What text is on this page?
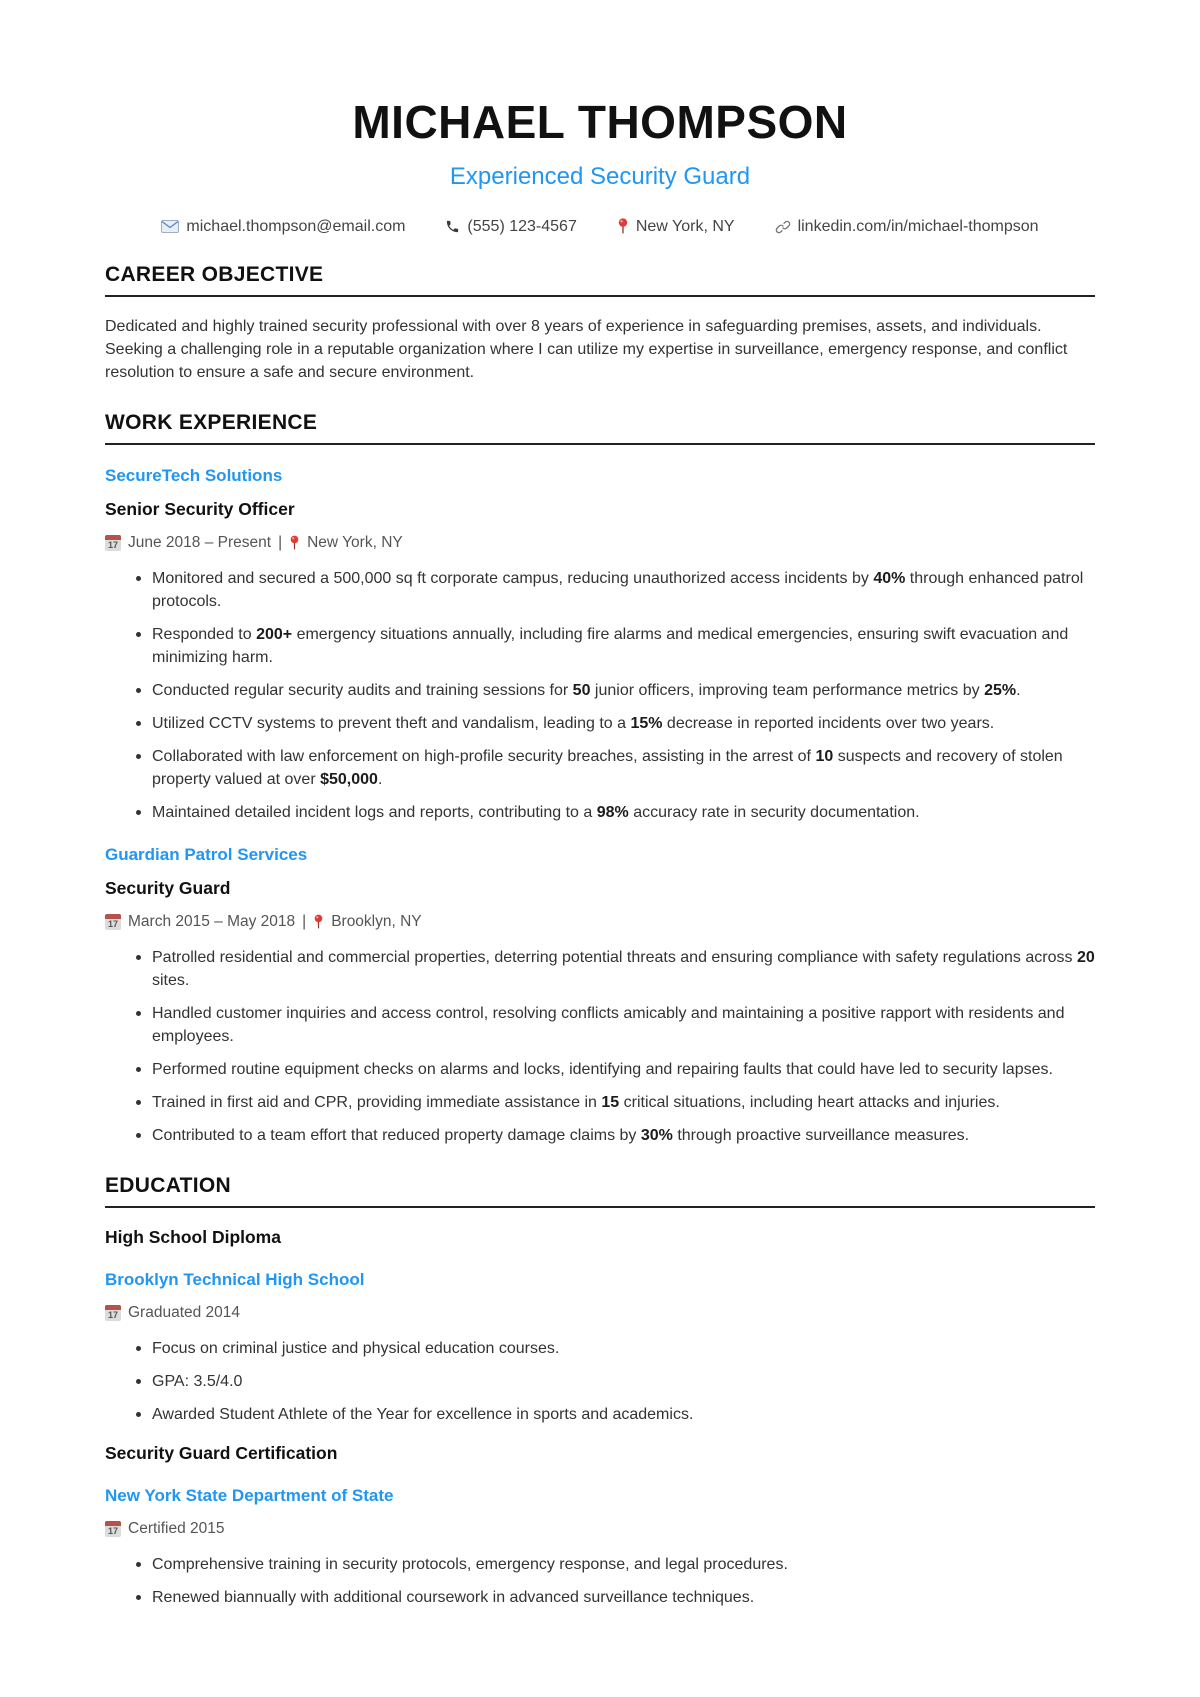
MICHAEL THOMPSON
Experienced Security Guard
michael.thompson@email.com	(555) 123-4567	New York, NY	linkedin.com/in/michael-thompson
CAREER OBJECTIVE

Dedicated and highly trained security professional with over 8 years of experience in safeguarding premises, assets, and individuals. Seeking a challenging role in a reputable organization where I can utilize my expertise in surveillance, emergency response, and conflict resolution to ensure a safe and secure environment.

WORK EXPERIENCE
SecureTech Solutions
Senior Security Officer
17 June 2018 – Present | New York, NY
Monitored and secured a 500,000 sq ft corporate campus, reducing unauthorized access incidents by 40% through enhanced patrol protocols.
Responded to 200+ emergency situations annually, including fire alarms and medical emergencies, ensuring swift evacuation and minimizing harm.
Conducted regular security audits and training sessions for 50 junior officers, improving team performance metrics by 25%.
Utilized CCTV systems to prevent theft and vandalism, leading to a 15% decrease in reported incidents over two years.
Collaborated with law enforcement on high-profile security breaches, assisting in the arrest of 10 suspects and recovery of stolen property valued at over $50,000.
Maintained detailed incident logs and reports, contributing to a 98% accuracy rate in security documentation.
Guardian Patrol Services
Security Guard
17 March 2015 – May 2018 | Brooklyn, NY
Patrolled residential and commercial properties, deterring potential threats and ensuring compliance with safety regulations across 20 sites.
Handled customer inquiries and access control, resolving conflicts amicably and maintaining a positive rapport with residents and employees.
Performed routine equipment checks on alarms and locks, identifying and repairing faults that could have led to security lapses.
Trained in first aid and CPR, providing immediate assistance in 15 critical situations, including heart attacks and injuries.
Contributed to a team effort that reduced property damage claims by 30% through proactive surveillance measures.
EDUCATION
High School Diploma
Brooklyn Technical High School
17 Graduated 2014
Focus on criminal justice and physical education courses.
GPA: 3.5/4.0
Awarded Student Athlete of the Year for excellence in sports and academics.
Security Guard Certification
New York State Department of State
17 Certified 2015
Comprehensive training in security protocols, emergency response, and legal procedures.
Renewed biannually with additional coursework in advanced surveillance techniques.
